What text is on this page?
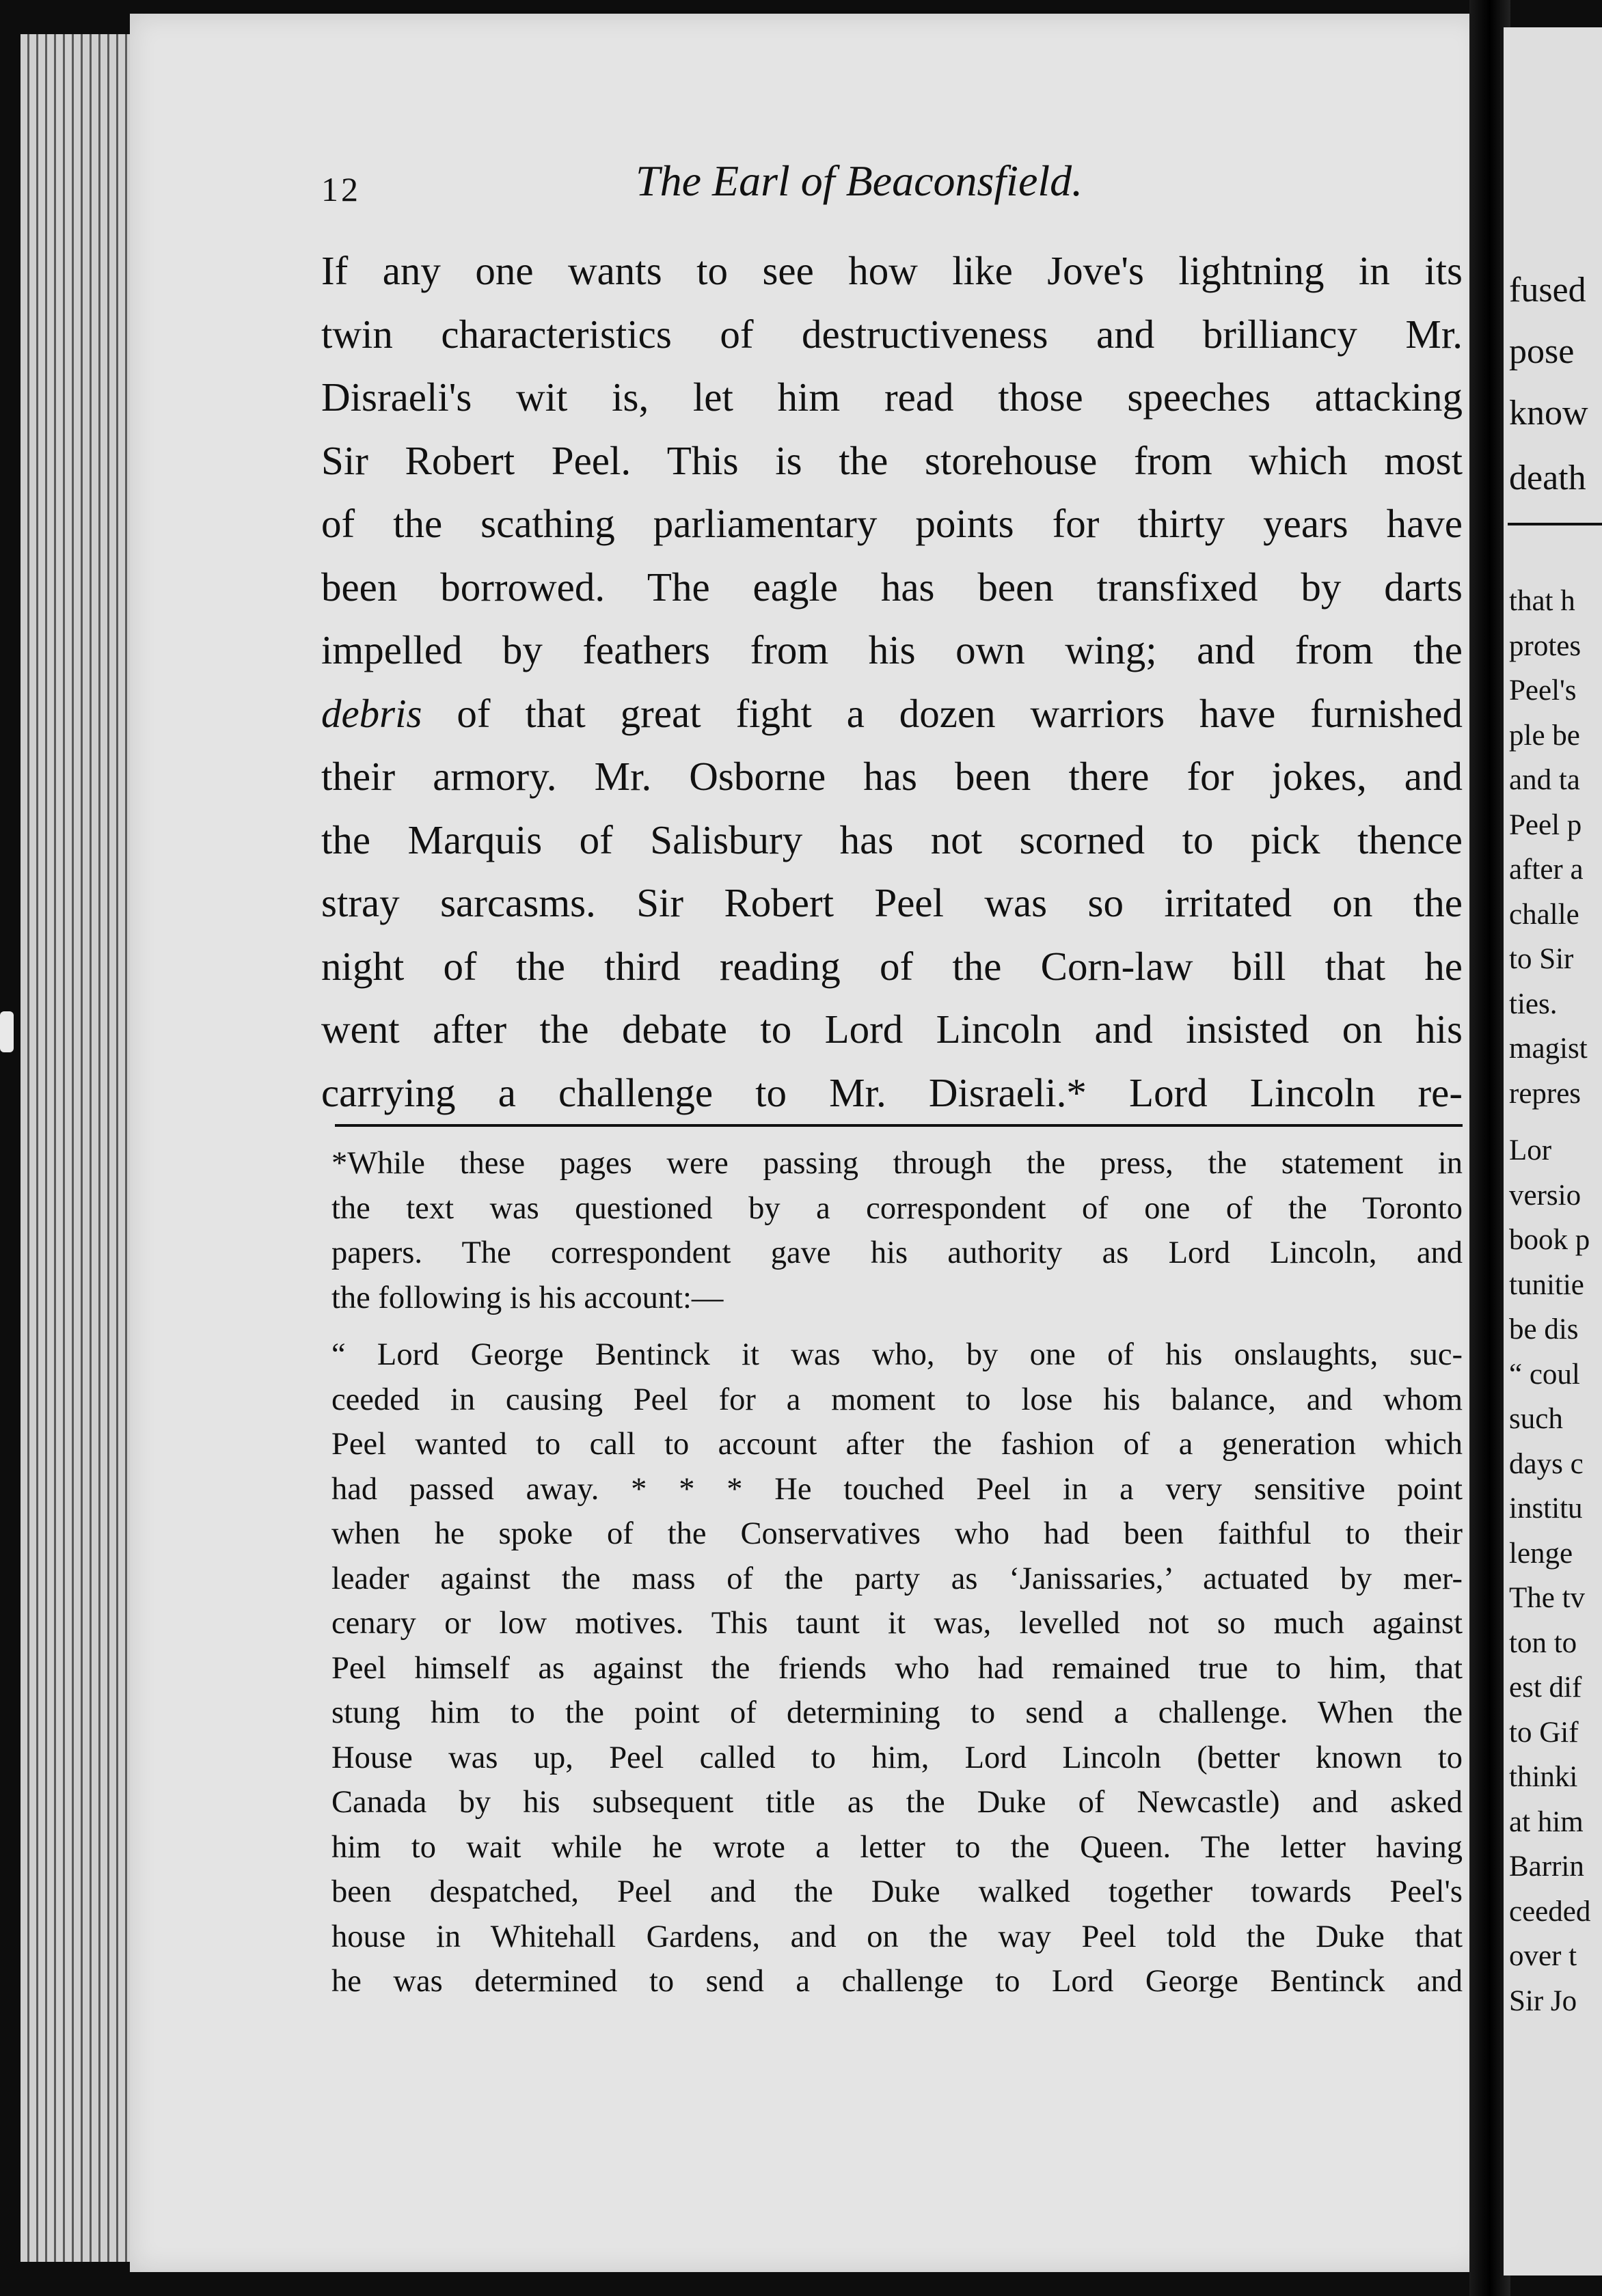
12	The Earl of Beaconsfield.
If any one wants to see how like Jove's lightning in its
twin characteristics of destructiveness and brilliancy Mr.
Disraeli's wit is, let him read those speeches attacking
Sir Robert Peel. This is the storehouse from which most
of the scathing parliamentary points for thirty years have
been borrowed. The eagle has been transfixed by darts
impelled by feathers from his own wing; and from the
debris of that great fight a dozen warriors have furnished
their armory. Mr. Osborne has been there for jokes, and
the Marquis of Salisbury has not scorned to pick thence
stray sarcasms. Sir Robert Peel was so irritated on the
night of the third reading of the Corn-law bill that he
went after the debate to Lord Lincoln and insisted on his
carrying a challenge to Mr. Disraeli.* Lord Lincoln re-
*While these pages were passing through the press, the statement in
the text was questioned by a correspondent of one of the Toronto
papers. The correspondent gave his authority as Lord Lincoln, and
the following is his account:—
“ Lord George Bentinck it was who, by one of his onslaughts, suc-
ceeded in causing Peel for a moment to lose his balance, and whom
Peel wanted to call to account after the fashion of a generation which
had passed away. * * * He touched Peel in a very sensitive point
when he spoke of the Conservatives who had been faithful to their
leader against the mass of the party as ‘Janissaries,’ actuated by mer-
cenary or low motives. This taunt it was, levelled not so much against
Peel himself as against the friends who had remained true to him, that
stung him to the point of determining to send a challenge. When the
House was up, Peel called to him, Lord Lincoln (better known to
Canada by his subsequent title as the Duke of Newcastle) and asked
him to wait while he wrote a letter to the Queen. The letter having
been despatched, Peel and the Duke walked together towards Peel's
house in Whitehall Gardens, and on the way Peel told the Duke that
he was determined to send a challenge to Lord George Bentinck and
fused
pose
know
death
that h
protes
Peel's
ple be
and ta
Peel p
after a
challe
to Sir
ties.
magist
repres
Lor
versio
book p
tunitie
be dis
“ coul
such
days c
institu
lenge
The tv
ton to
est dif
to Gif
thinki
at him
Barrin
ceeded
over t
Sir Jo
